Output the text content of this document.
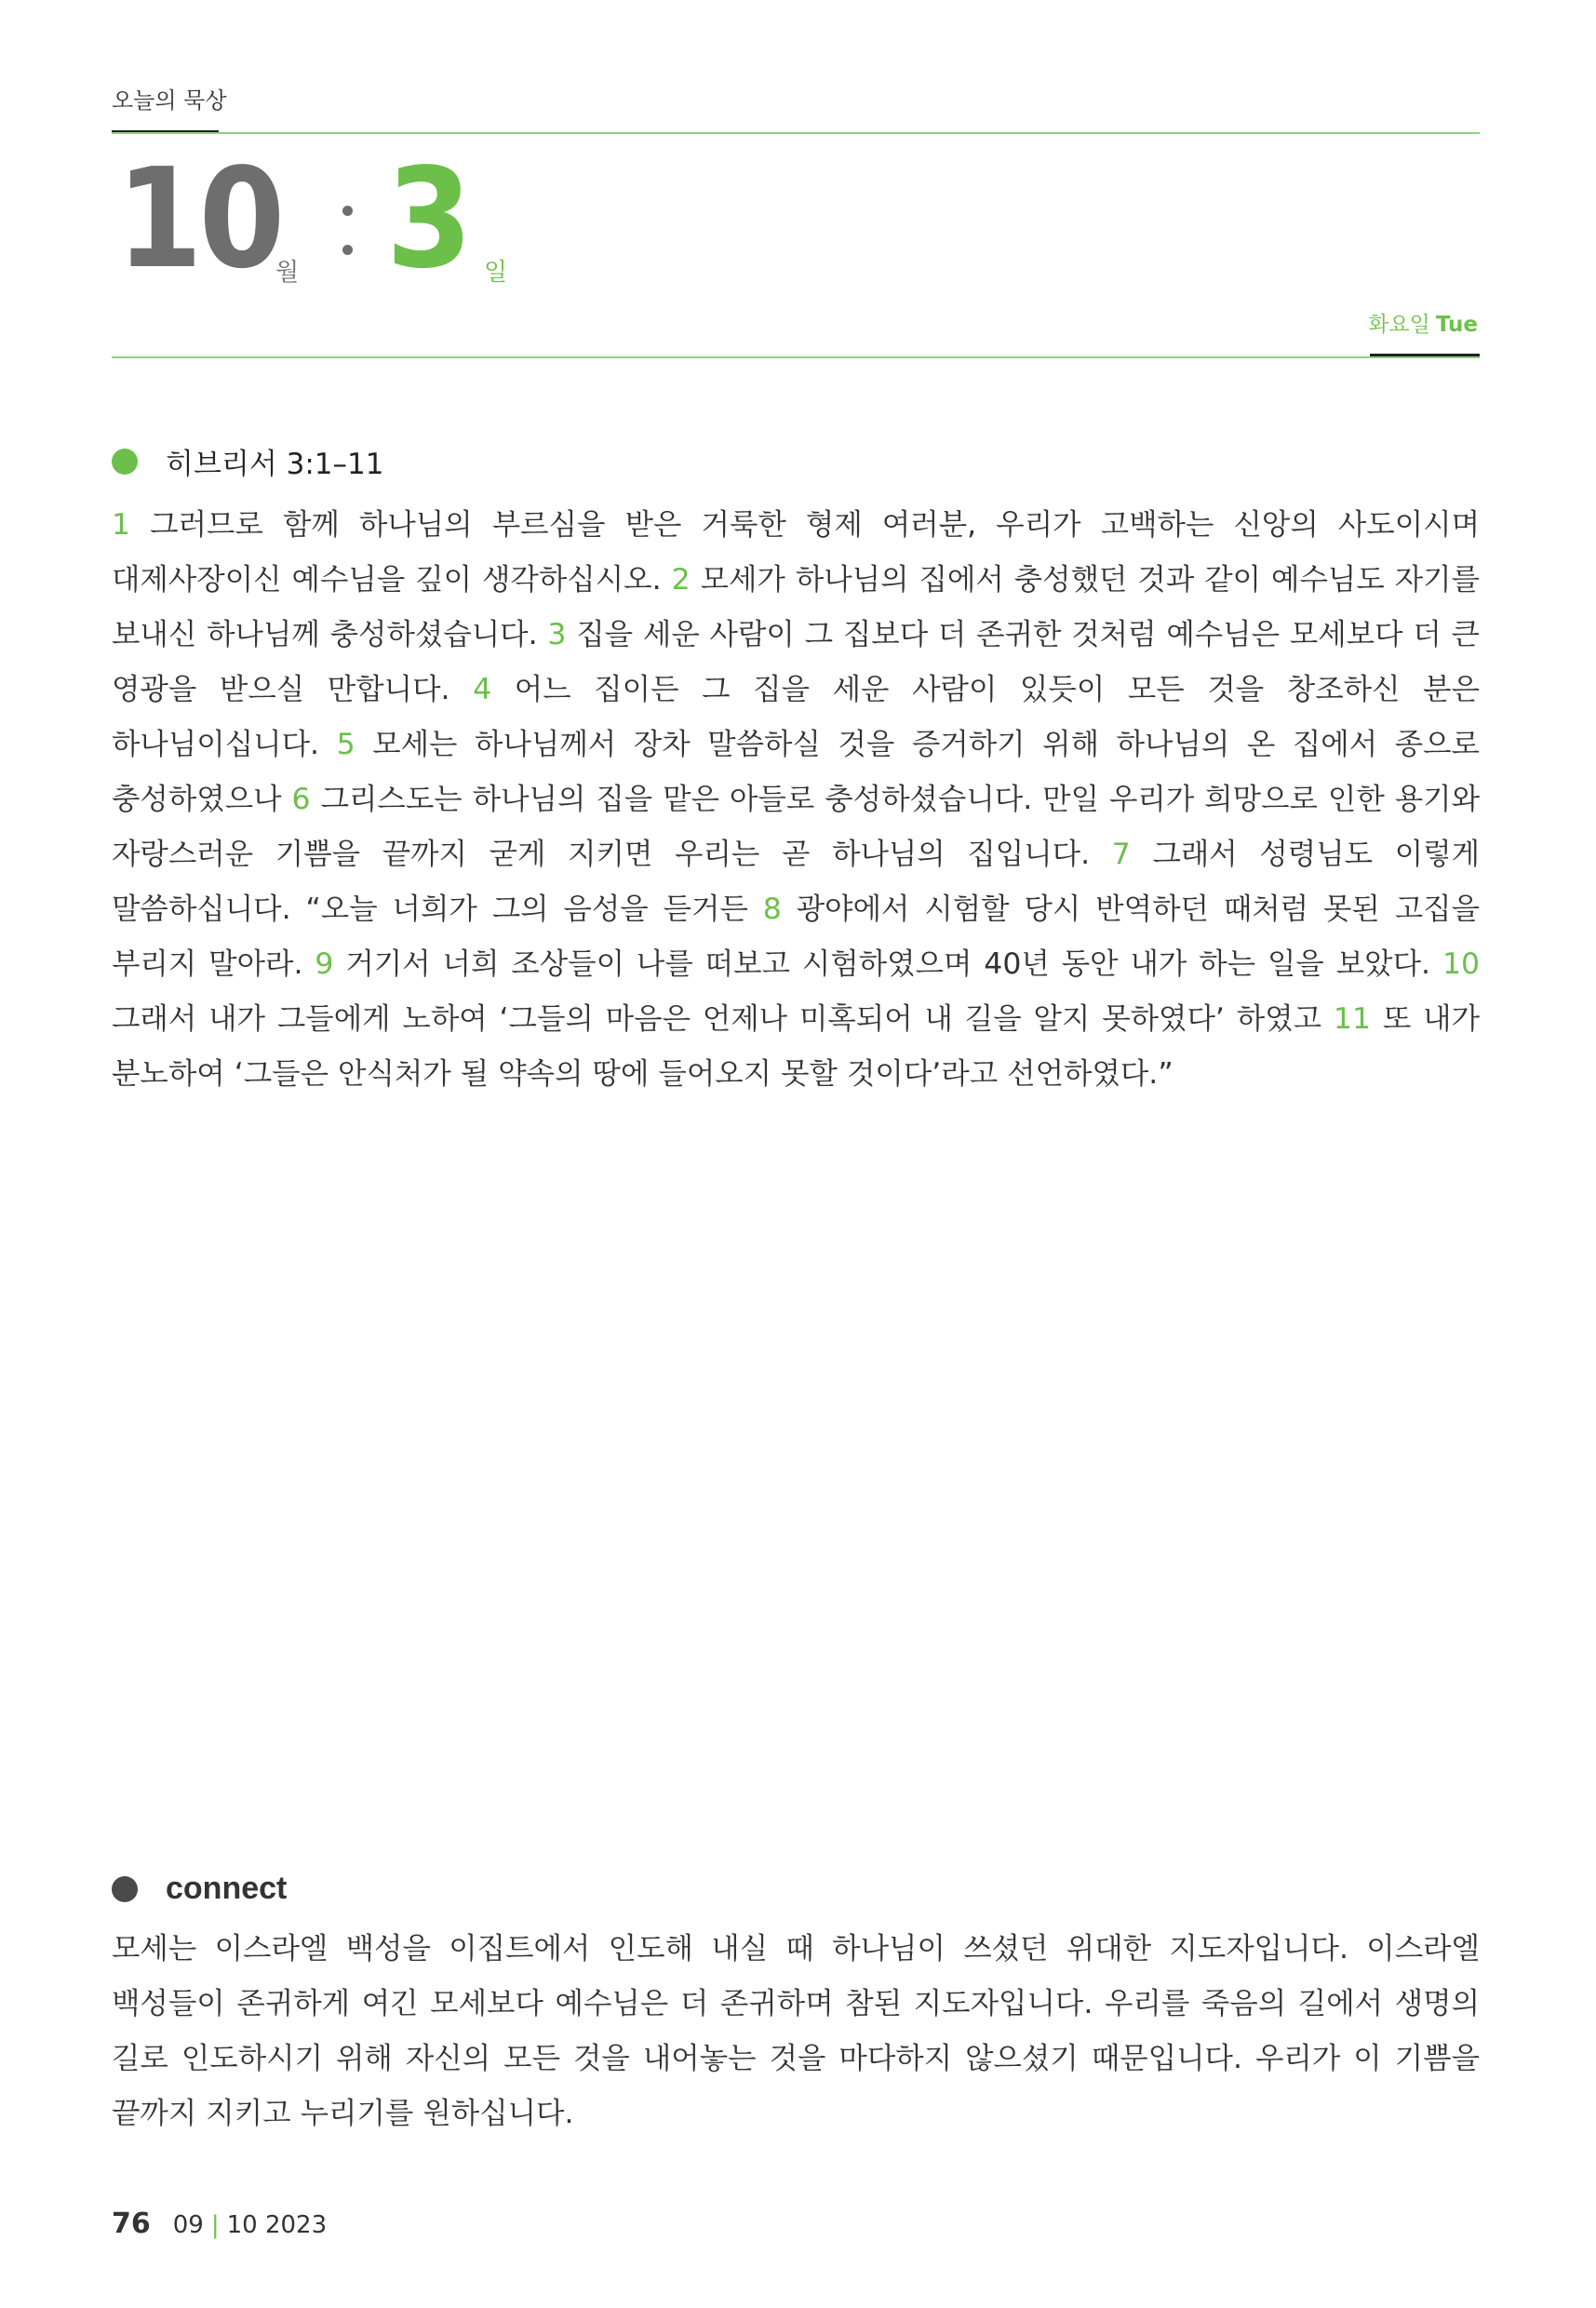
오늘의 묵상
10
월 3 일
화요일 Tue
히브리서 3:1–11
1 그러므로 함께 하나님의 부르심을 받은 거룩한 형제 여러분, 우리가 고백하는 신앙의 사도이시며 대제사장이신 예수님을 깊이 생각하십시오. 2 모세가 하나님의 집에서 충성했던 것과 같이 예수님도 자기를 보내신 하나님께 충성하셨습니다. 3 집을 세운 사람이 그 집보다 더 존귀한 것처럼 예수님은 모세보다 더 큰 영광을 받으실 만합니다. 4 어느 집이든 그 집을 세운 사람이 있듯이 모든 것을 창조하신 분은 하나님이십니다. 5 모세는 하나님께서 장차 말씀하실 것을 증거하기 위해 하나님의 온 집에서 종으로 충성하였으나 6 그리스도는 하나님의 집을 맡은 아들로 충성하셨습니다. 만일 우리가 희망으로 인한 용기와 자랑스러운 기쁨을 끝까지 굳게 지키면 우리는 곧 하나님의 집입니다. 7 그래서 성령님도 이렇게 말씀하십니다. “오늘 너희가 그의 음성을 듣거든 8 광야에서 시험할 당시 반역하던 때처럼 못된 고집을 부리지 말아라. 9 거기서 너희 조상들이 나를 떠보고 시험하였으며 40년 동안 내가 하는 일을 보았다. 10 그래서 내가 그들에게 노하여 ‘그들의 마음은 언제나 미혹되어 내 길을 알지 못하였다’ 하였고 11 또 내가 분노하여 ‘그들은 안식처가 될 약속의 땅에 들어오지 못할 것이다’라고 선언하였다.”
connect
모세는 이스라엘 백성을 이집트에서 인도해 내실 때 하나님이 쓰셨던 위대한 지도자입니다. 이스라엘 백성들이 존귀하게 여긴 모세보다 예수님은 더 존귀하며 참된 지도자입니다. 우리를 죽음의 길에서 생명의 길로 인도하시기 위해 자신의 모든 것을 내어놓는 것을 마다하지 않으셨기 때문입니다. 우리가 이 기쁨을 끝까지 지키고 누리기를 원하십니다.
76 09 | 10 2023
